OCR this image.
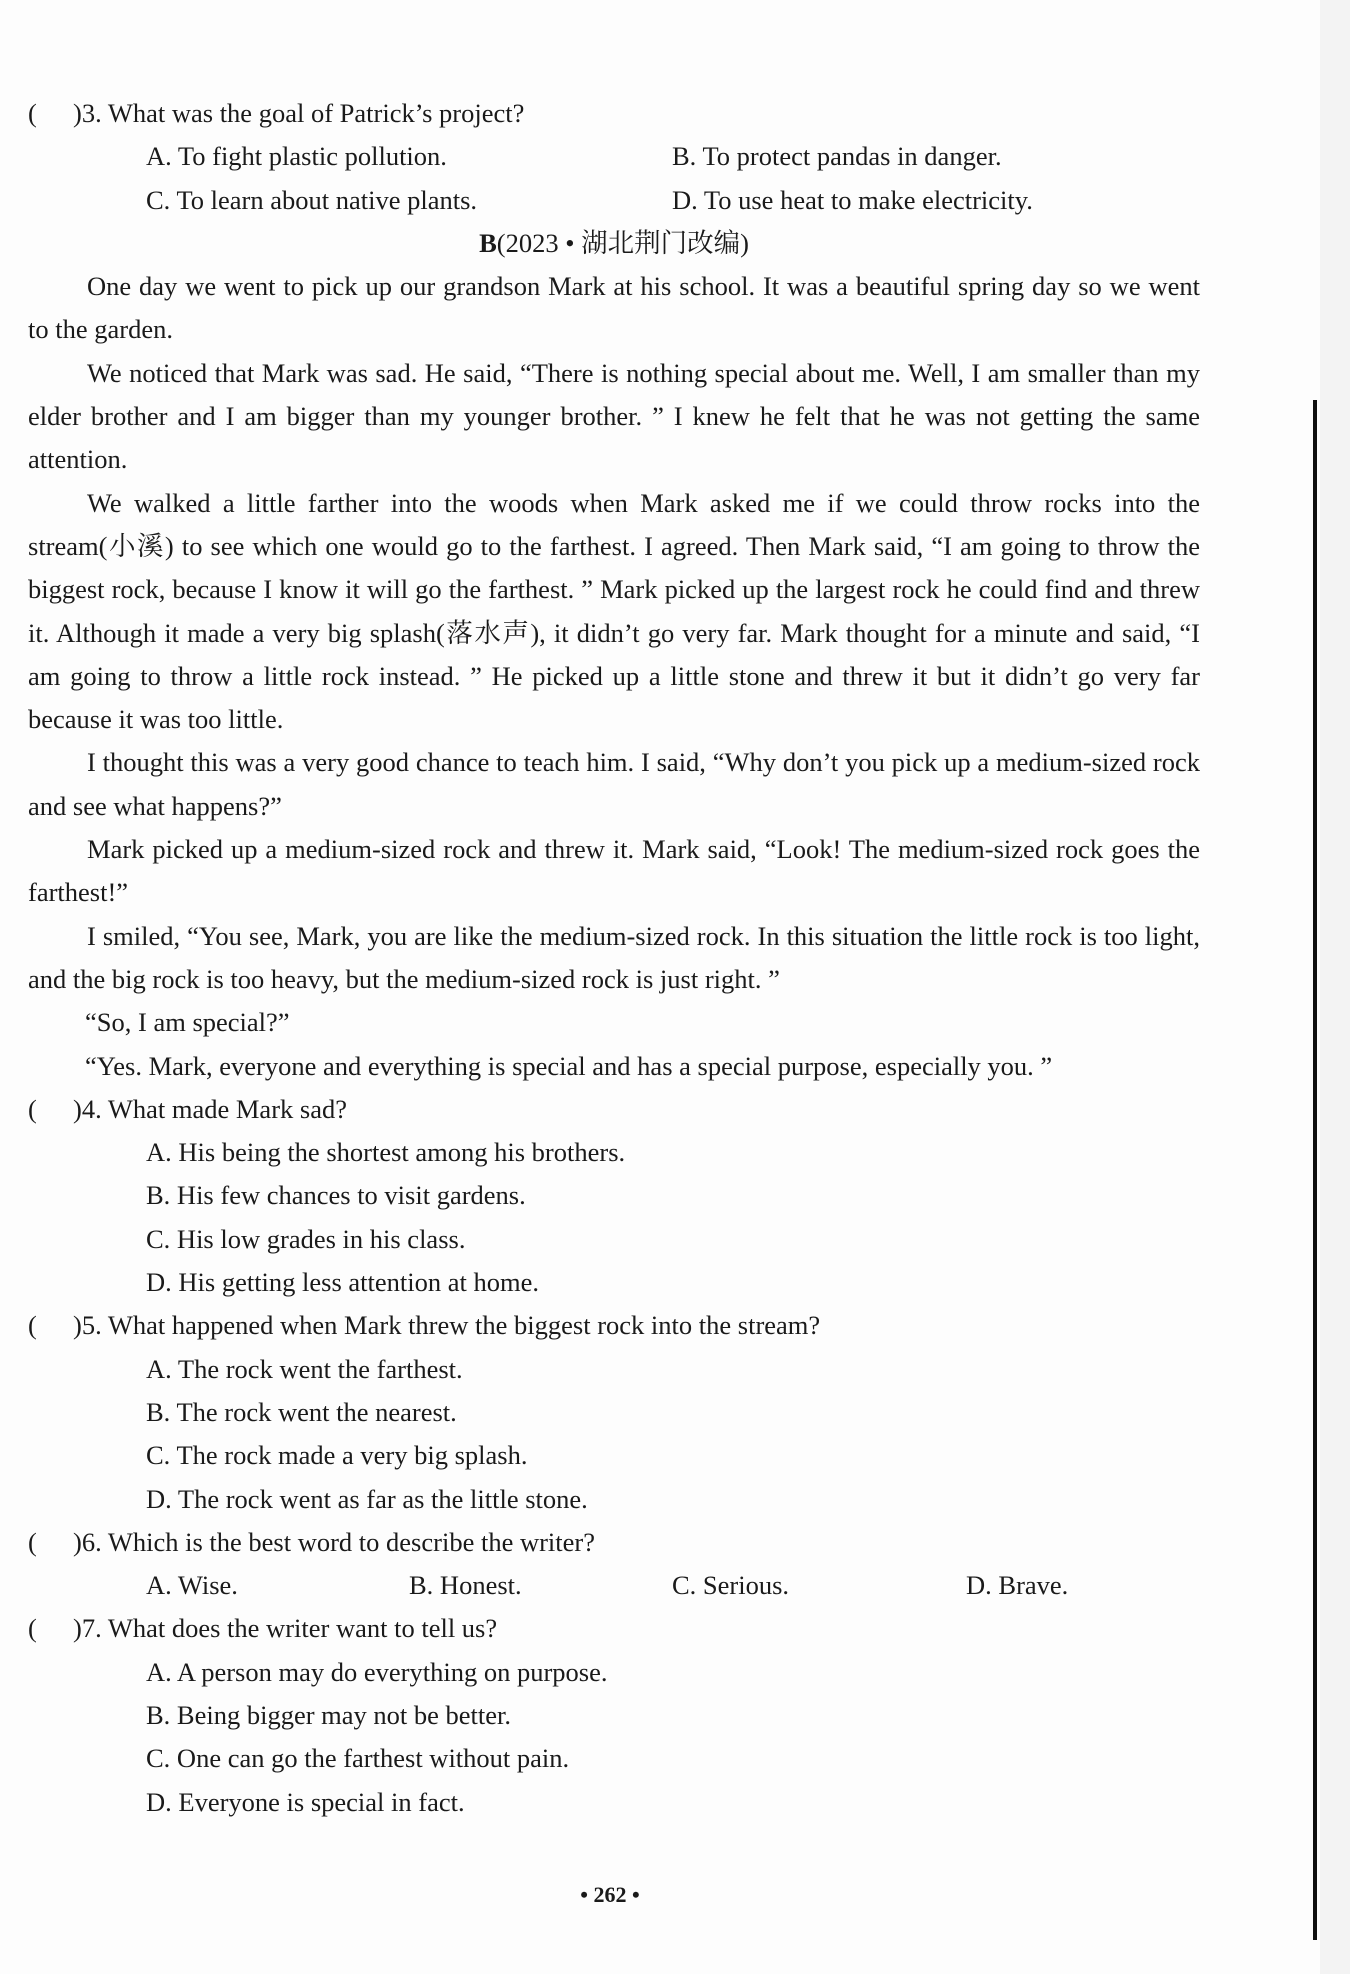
( )3. What was the goal of Patrick’s project?
A. To fight plastic pollution.	B. To protect pandas in danger.
C. To learn about native plants.	D. To use heat to make electricity.
B(2023 • 湖北荆门改编)
One day we went to pick up our grandson Mark at his school. It was a beautiful spring day so we went to the garden.
We noticed that Mark was sad. He said, “There is nothing special about me. Well, I am smaller than my elder brother and I am bigger than my younger brother. ” I knew he felt that he was not getting the same attention.
We walked a little farther into the woods when Mark asked me if we could throw rocks into the stream(小溪) to see which one would go to the farthest. I agreed. Then Mark said, “I am going to throw the biggest rock, because I know it will go the farthest. ” Mark picked up the largest rock he could find and threw it. Although it made a very big splash(落水声), it didn’t go very far. Mark thought for a minute and said, “I am going to throw a little rock instead. ” He picked up a little stone and threw it but it didn’t go very far because it was too little.
I thought this was a very good chance to teach him. I said, “Why don’t you pick up a medium-sized rock and see what happens?”
Mark picked up a medium-sized rock and threw it. Mark said, “Look! The medium-sized rock goes the farthest!”
I smiled, “You see, Mark, you are like the medium-sized rock. In this situation the little rock is too light, and the big rock is too heavy, but the medium-sized rock is just right. ”
“So, I am special?”
“Yes. Mark, everyone and everything is special and has a special purpose, especially you. ”
( )4. What made Mark sad?
A. His being the shortest among his brothers.
B. His few chances to visit gardens.
C. His low grades in his class.
D. His getting less attention at home.
( )5. What happened when Mark threw the biggest rock into the stream?
A. The rock went the farthest.
B. The rock went the nearest.
C. The rock made a very big splash.
D. The rock went as far as the little stone.
( )6. Which is the best word to describe the writer?
A. Wise.	B. Honest.	C. Serious.	D. Brave.
( )7. What does the writer want to tell us?
A. A person may do everything on purpose.
B. Being bigger may not be better.
C. One can go the farthest without pain.
D. Everyone is special in fact.
• 262 •
